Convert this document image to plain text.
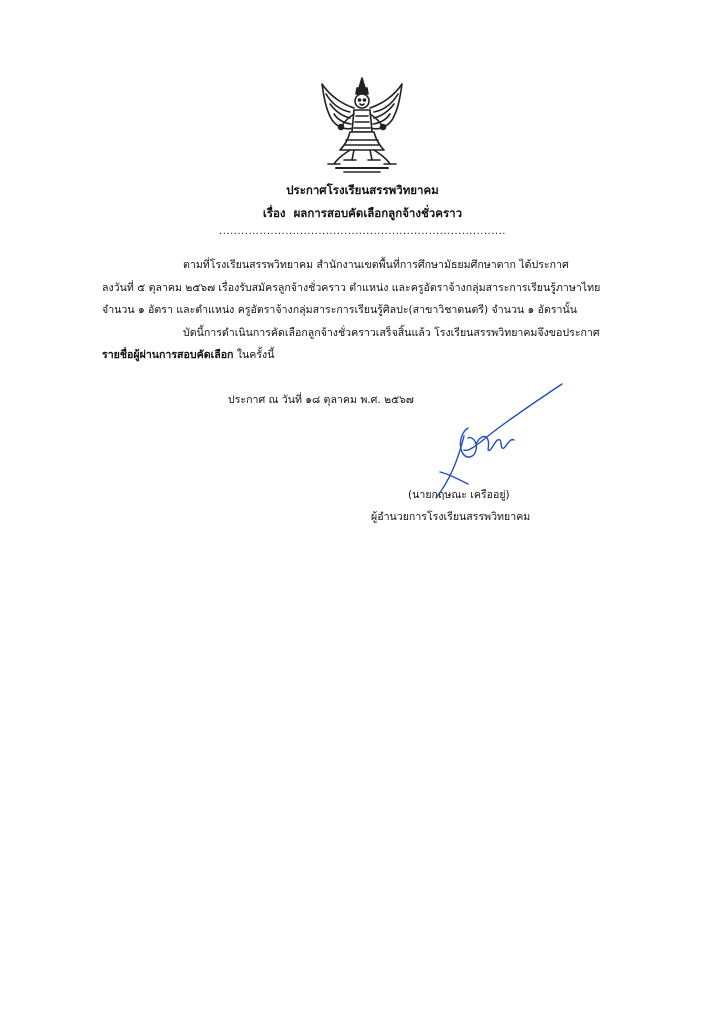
ประกาศโรงเรียนสรรพวิทยาคม
เรื่อง ผลการสอบคัดเลือกลูกจ้างชั่วคราว
..............................................................................
ตามที่โรงเรียนสรรพวิทยาคม สำนักงานเขตพื้นที่การศึกษามัธยมศึกษาตาก ได้ประกาศ
ลงวันที่ ๕ ตุลาคม ๒๕๖๗ เรื่องรับสมัครลูกจ้างชั่วคราว ตำแหน่ง และครูอัตราจ้างกลุ่มสาระการเรียนรู้ภาษาไทย
จำนวน ๑ อัตรา และตำแหน่ง ครูอัตราจ้างกลุ่มสาระการเรียนรู้ศิลปะ(สาขาวิชาดนตรี) จำนวน ๑ อัตรานั้น
บัดนี้การดำเนินการคัดเลือกลูกจ้างชั่วคราวเสร็จสิ้นแล้ว โรงเรียนสรรพวิทยาคมจึงขอประกาศ
รายชื่อผู้ผ่านการสอบคัดเลือก ในครั้งนี้
ประกาศ ณ วันที่ ๑๘ ตุลาคม พ.ศ. ๒๕๖๗
(นายกฤษณะ เครืออยู่)
ผู้อำนวยการโรงเรียนสรรพวิทยาคม
